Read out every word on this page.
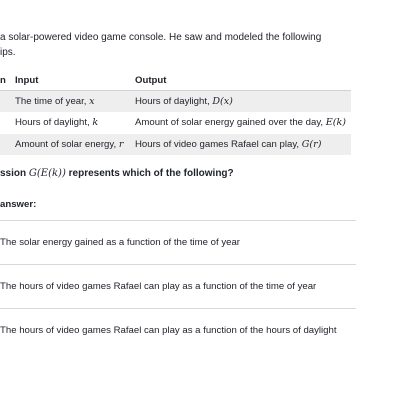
a solar-powered video game console. He saw and modeled the following

ips.

n	Input	Output
	The time of year, x	Hours of daylight, D(x)
	Hours of daylight, k	Amount of solar energy gained over the day, E(k)
	Amount of solar energy, r	Hours of video games Rafael can play, G(r)
ssion G(E(k)) represents which of the following?
answer:
The solar energy gained as a function of the time of year
The hours of video games Rafael can play as a function of the time of year
The hours of video games Rafael can play as a function of the hours of daylight
